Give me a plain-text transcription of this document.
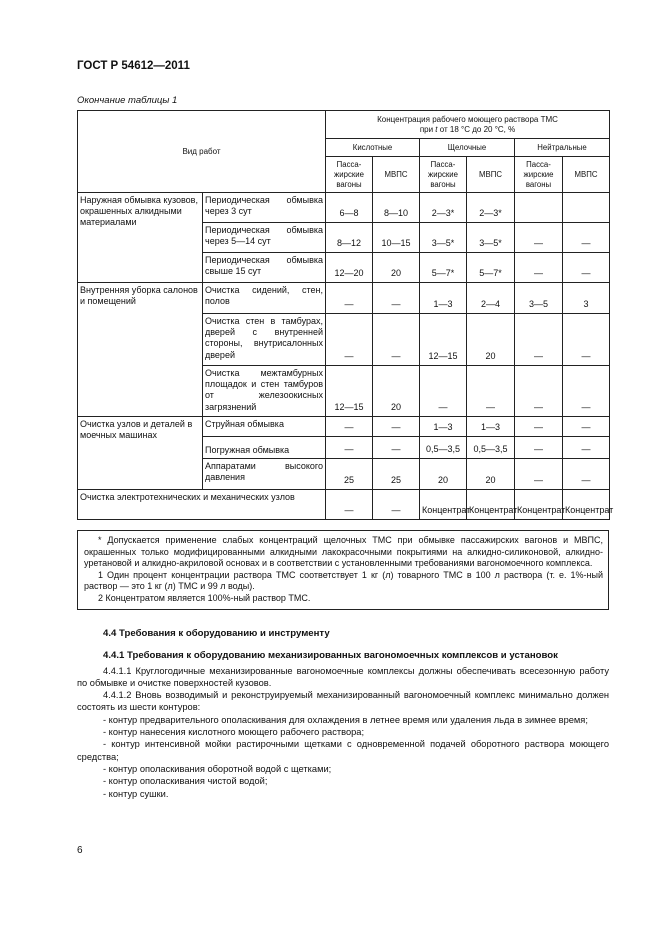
ГОСТ Р 54612—2011
Окончание таблицы 1
Вид работ		Концентрация рабочего моющего раствора ТМС
при t от 18 °С до 20 °С, %					
		Кислотные		Щелочные		Нейтральные	
		Пасса-жирские вагоны	МВПС	Пасса-жирские вагоны	МВПС	Пасса-жирские вагоны	МВПС
Наружная обмывка кузовов, окрашенных алкидными материалами	Периодическая обмывка через 3 сут	6—8	8—10	2—3*	2—3*		
	Периодическая обмывка через 5—14 сут	8—12	10—15	3—5*	3—5*	—	—
	Периодическая обмывка свыше 15 сут	12—20	20	5—7*	5—7*	—	—
Внутренняя уборка салонов и помещений	Очистка сидений, стен, полов	—	—	1—3	2—4	3—5	3
	Очистка стен в тамбурах, дверей с внутренней стороны, внутрисалонных дверей	—	—	12—15	20	—	—
	Очистка межтамбурных площадок и стен тамбуров от железоокисных загрязнений	12—15	20	—	—	—	—
Очистка узлов и деталей в моечных машинах	Струйная обмывка	—	—	1—3	1—3	—	—
	Погружная обмывка	—	—	0,5—3,5	0,5—3,5	—	—
	Аппаратами высокого давления	25	25	20	20	—	—
Очистка электротехнических и механических узлов		—	—	Концентрат	Концентрат	Концентрат	Концентрат

* Допускается применение слабых концентраций щелочных ТМС при обмывке пассажирских вагонов и МВПС, окрашенных только модифицированными алкидными лакокрасочными покрытиями на алкидно-силиконовой, алкидно-уретановой и алкидно-акриловой основах и в соответствии с установленными требованиями вагономоечного комплекса.

1 Один процент концентрации раствора ТМС соответствует 1 кг (л) товарного ТМС в 100 л раствора (т. е. 1%-ный раствор — это 1 кг (л) ТМС и 99 л воды).

2 Концентратом является 100%-ный раствор ТМС.

4.4 Требования к оборудованию и инструменту

4.4.1 Требования к оборудованию механизированных вагономоечных комплексов и установок

4.4.1.1 Круглогодичные механизированные вагономоечные комплексы должны обеспечивать всесезонную работу по обмывке и очистке поверхностей кузовов.

4.4.1.2 Вновь возводимый и реконструируемый механизированный вагономоечный комплекс минимально должен состоять из шести контуров:

- контур предварительного ополаскивания для охлаждения в летнее время или удаления льда в зимнее время;

- контур нанесения кислотного моющего рабочего раствора;

- контур интенсивной мойки растирочными щетками с одновременной подачей оборотного раствора моющего средства;

- контур ополаскивания оборотной водой с щетками;

- контур ополаскивания чистой водой;

- контур сушки.

6
